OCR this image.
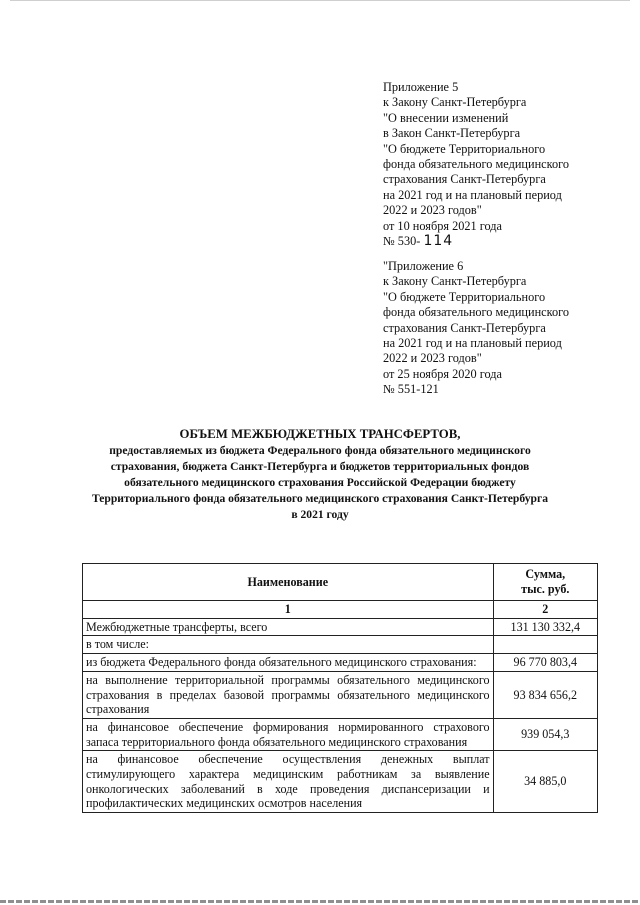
Приложение 5
к Закону Санкт-Петербурга
"О внесении изменений
в Закон Санкт-Петербурга
"О бюджете Территориального
фонда обязательного медицинского
страхования Санкт-Петербурга
на 2021 год и на плановый период
2022 и 2023 годов"
от 10 ноября 2021 года
№ 530- 114
"Приложение 6
к Закону Санкт-Петербурга
"О бюджете Территориального
фонда обязательного медицинского
страхования Санкт-Петербурга
на 2021 год и на плановый период
2022 и 2023 годов"
от 25 ноября 2020 года
№ 551-121
ОБЪЕМ МЕЖБЮДЖЕТНЫХ ТРАНСФЕРТОВ,
предоставляемых из бюджета Федерального фонда обязательного медицинского
страхования, бюджета Санкт-Петербурга и бюджетов территориальных фондов
обязательного медицинского страхования Российской Федерации бюджету
Территориального фонда обязательного медицинского страхования Санкт-Петербурга
в 2021 году
Наименование	Сумма,
тыс. руб.

1	2
Межбюджетные трансферты, всего	131 130 332,4
в том числе:	
из бюджета Федерального фонда обязательного медицинского страхования:	96 770 803,4
на выполнение территориальной программы обязательного медицинского страхования в пределах базовой программы обязательного медицинского страхования	93 834 656,2
на финансовое обеспечение формирования нормированного страхового запаса территориального фонда обязательного медицинского страхования	939 054,3
на финансовое обеспечение осуществления денежных выплат стимулирующего характера медицинским работникам за выявление онкологических заболеваний в ходе проведения диспансеризации и профилактических медицинских осмотров населения	34 885,0
